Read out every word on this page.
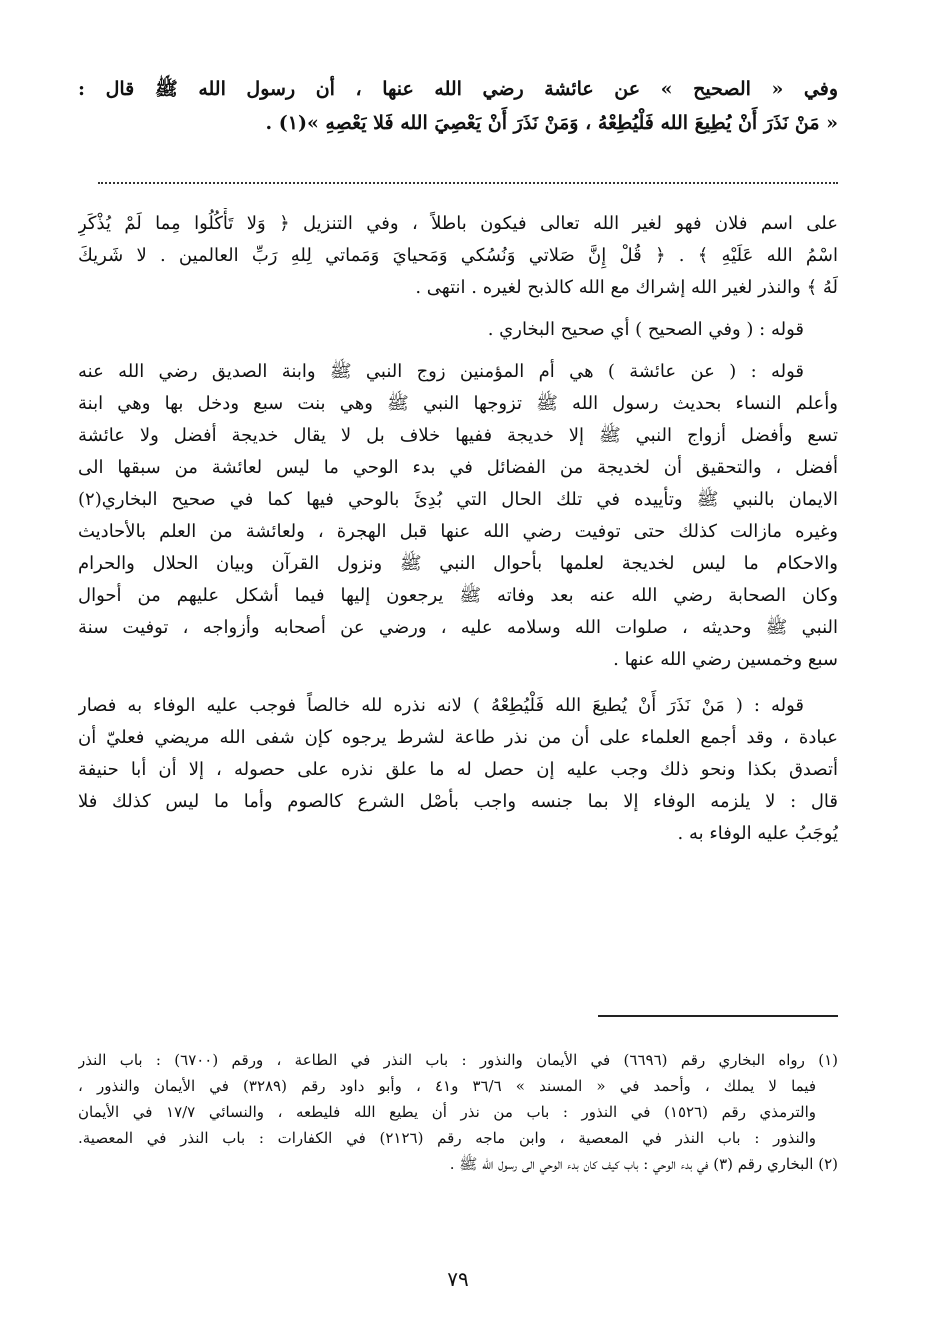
وفي « الصحيح » عن عائشة رضي الله عنها ، أن رسول الله ﷺ قال :
« مَنْ نَذَرَ أَنْ يُطِيعَ الله فَلْيُطِعْهُ ، وَمَنْ نَذَرَ أَنْ يَعْصِيَ الله فَلا يَعْصِهِ »(١) .
على اسم فلان فهو لغير الله تعالى فيكون باطلاً ، وفي التنزيل ﴿ وَلا تَأْكُلُوا مِما لَمْ يُذْكَرِ
اسْمُ الله عَلَيْهِ ﴾ . ﴿ قُلْ إِنَّ صَلاتي وَنُسُكي وَمَحيايَ وَمَماتي لِلهِ رَبِّ العالمين . لا شَريكَ
لَهُ ﴾ والنذر لغير الله إشراك مع الله كالذبح لغيره . انتهى .
قوله : ( وفي الصحيح ) أي صحيح البخاري .
قوله : ( عن عائشة ) هي أم المؤمنين زوج النبي ﷺ وابنة الصديق رضي الله عنه
وأعلم النساء بحديث رسول الله ﷺ تزوجها النبي ﷺ وهي بنت سبع ودخل بها وهي ابنة
تسع وأفضل أزواج النبي ﷺ إلا خديجة ففيها خلاف بل لا يقال خديجة أفضل ولا عائشة
أفضل ، والتحقيق أن لخديجة من الفضائل في بدء الوحي ما ليس لعائشة من سبقها الى
الايمان بالنبي ﷺ وتأييده في تلك الحال التي بُدِئَ بالوحي فيها كما في صحيح البخاري(٢)
وغيره مازالت كذلك حتى توفيت رضي الله عنها قبل الهجرة ، ولعائشة من العلم بالأحاديث
والاحكام ما ليس لخديجة لعلمها بأحوال النبي ﷺ ونزول القرآن وبيان الحلال والحرام
وكان الصحابة رضي الله عنه بعد وفاته ﷺ يرجعون إليها فيما أشكل عليهم من أحوال
النبي ﷺ وحديثه ، صلوات الله وسلامه عليه ، ورضي عن أصحابه وأزواجه ، توفيت سنة
سبع وخمسين رضي الله عنها .
قوله : ( مَنْ نَذَرَ أَنْ يُطيعَ الله فَلْيُطِعْهُ ) لانه نذره لله خالصاً فوجب عليه الوفاء به فصار
عبادة ، وقد أجمع العلماء على أن من نذر طاعة لشرط يرجوه كإن شفى الله مريضي فعليّ أن
أتصدق بكذا ونحو ذلك وجب عليه إن حصل له ما علق نذره على حصوله ، إلا أن أبا حنيفة
قال : لا يلزمه الوفاء إلا بما جنسه واجب بأصْل الشرع كالصوم وأما ما ليس كذلك فلا
يُوجَبُ عليه الوفاء به .
(١) رواه البخاري رقم (٦٦٩٦) في الأيمان والنذور : باب النذر في الطاعة ، ورقم (٦٧٠٠) : باب النذر
فيما لا يملك ، وأحمد في « المسند » ٣٦/٦ و٤١ ، وأبو داود رقم (٣٢٨٩) في الأيمان والنذور ،
والترمذي رقم (١٥٢٦) في النذور : باب من نذر أن يطيع الله فليطعه ، والنسائي ١٧/٧ في الأيمان
والنذور : باب النذر في المعصية ، وابن ماجه رقم (٢١٢٦) في الكفارات : باب النذر في المعصية.
(٢) البخاري رقم (٣) في بدء الوحي : باب كيف كان بدء الوحي الى رسول الله ﷺ .
٧٩
